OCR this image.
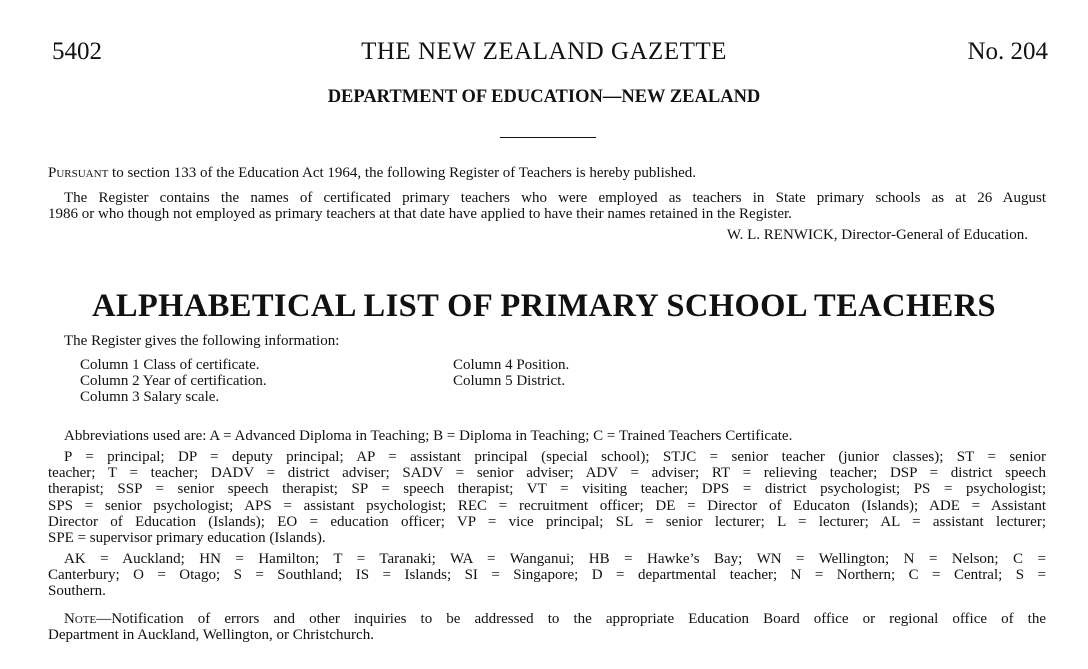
5402	THE NEW ZEALAND GAZETTE	No. 204
DEPARTMENT OF EDUCATION—NEW ZEALAND
Pursuant to section 133 of the Education Act 1964, the following Register of Teachers is hereby published.
The Register contains the names of certificated primary teachers who were employed as teachers in State primary schools as at 26 August
1986 or who though not employed as primary teachers at that date have applied to have their names retained in the Register.
W. L. RENWICK, Director-General of Education.
ALPHABETICAL LIST OF PRIMARY SCHOOL TEACHERS
The Register gives the following information:
Column 1 Class of certificate.
Column 2 Year of certification.
Column 3 Salary scale.
Column 4 Position.
Column 5 District.
Abbreviations used are: A = Advanced Diploma in Teaching; B = Diploma in Teaching; C = Trained Teachers Certificate.
P = principal; DP = deputy principal; AP = assistant principal (special school); STJC = senior teacher (junior classes); ST = senior
teacher; T = teacher; DADV = district adviser; SADV = senior adviser; ADV = adviser; RT = relieving teacher; DSP = district speech
therapist; SSP = senior speech therapist; SP = speech therapist; VT = visiting teacher; DPS = district psychologist; PS = psychologist;
SPS = senior psychologist; APS = assistant psychologist; REC = recruitment officer; DE = Director of Educaton (Islands); ADE = Assistant
Director of Education (Islands); EO = education officer; VP = vice principal; SL = senior lecturer; L = lecturer; AL = assistant lecturer;
SPE = supervisor primary education (Islands).
AK = Auckland; HN = Hamilton; T = Taranaki; WA = Wanganui; HB = Hawke’s Bay; WN = Wellington; N = Nelson; C =
Canterbury; O = Otago; S = Southland; IS = Islands; SI = Singapore; D = departmental teacher; N = Northern; C = Central; S =
Southern.
Note—Notification of errors and other inquiries to be addressed to the appropriate Education Board office or regional office of the
Department in Auckland, Wellington, or Christchurch.
